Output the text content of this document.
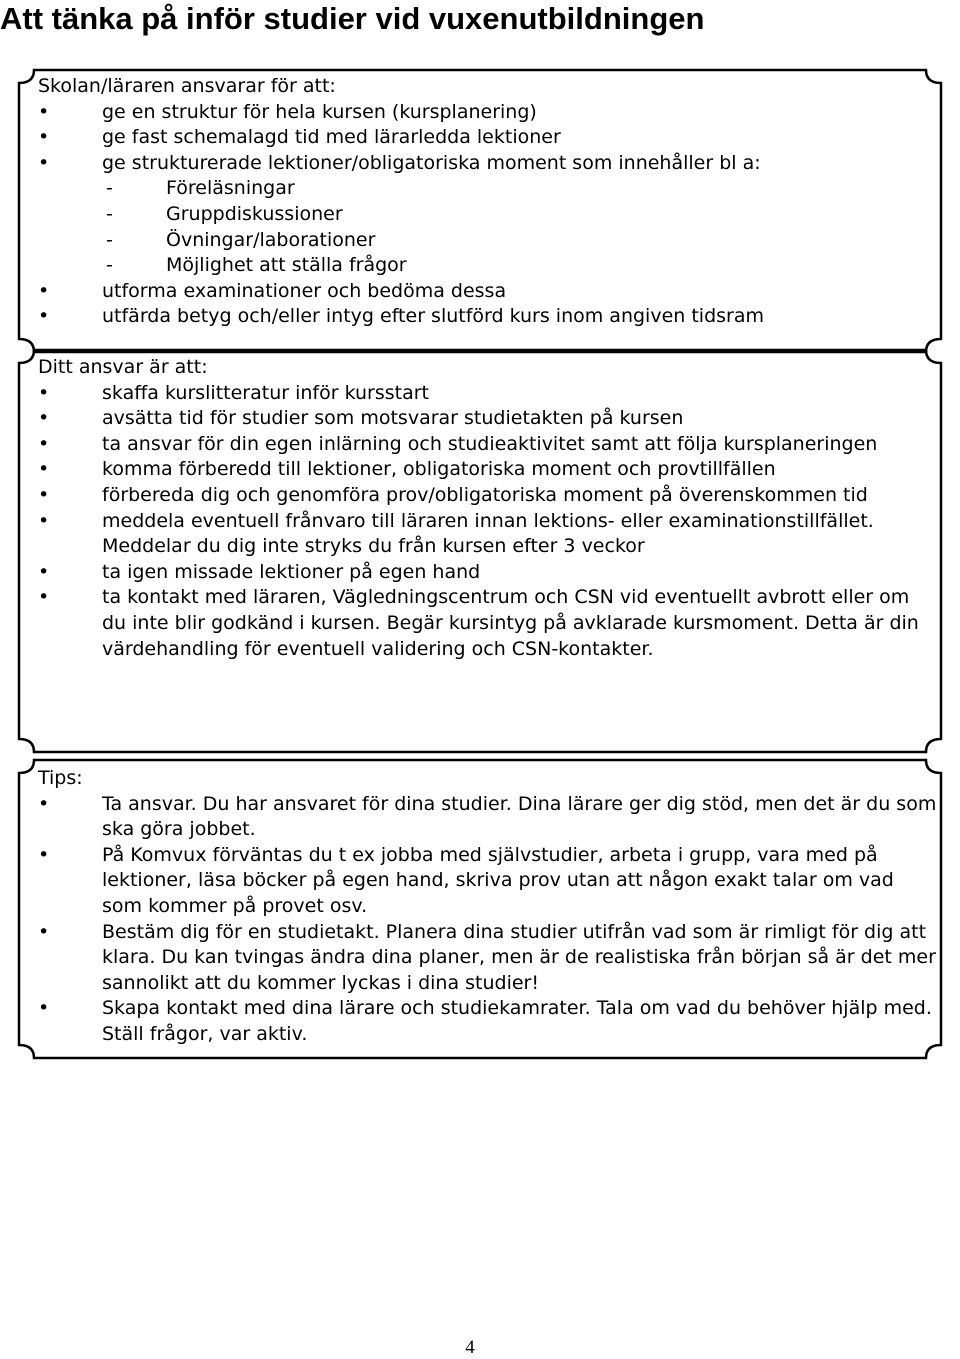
Att tänka på inför studier vid vuxenutbildningen

Skolan/läraren ansvarar för att:

• ge en struktur för hela kursen (kursplanering)
• ge fast schemalagd tid med lärarledda lektioner
• ge strukturerade lektioner/obligatoriska moment som innehåller bl a:
- Föreläsningar
- Gruppdiskussioner
- Övningar/laborationer
- Möjlighet att ställa frågor
• utforma examinationer och bedöma dessa
• utfärda betyg och/eller intyg efter slutförd kurs inom angiven tidsram

Ditt ansvar är att:

• skaffa kurslitteratur inför kursstart
• avsätta tid för studier som motsvarar studietakten på kursen
• ta ansvar för din egen inlärning och studieaktivitet samt att följa kursplaneringen
• komma förberedd till lektioner, obligatoriska moment och provtillfällen
• förbereda dig och genomföra prov/obligatoriska moment på överenskommen tid
• meddela eventuell frånvaro till läraren innan lektions- eller examinationstillfället. Meddelar du dig inte stryks du från kursen efter 3 veckor
• ta igen missade lektioner på egen hand
• ta kontakt med läraren, Vägledningscentrum och CSN vid eventuellt avbrott eller om du inte blir godkänd i kursen. Begär kursintyg på avklarade kursmoment. Detta är din värdehandling för eventuell validering och CSN-kontakter.

Tips:

• Ta ansvar. Du har ansvaret för dina studier. Dina lärare ger dig stöd, men det är du som ska göra jobbet.
• På Komvux förväntas du t ex jobba med självstudier, arbeta i grupp, vara med på lektioner, läsa böcker på egen hand, skriva prov utan att någon exakt talar om vad som kommer på provet osv.
• Bestäm dig för en studietakt. Planera dina studier utifrån vad som är rimligt för dig att klara. Du kan tvingas ändra dina planer, men är de realistiska från början så är det mer sannolikt att du kommer lyckas i dina studier!
• Skapa kontakt med dina lärare och studiekamrater. Tala om vad du behöver hjälp med. Ställ frågor, var aktiv.
4
